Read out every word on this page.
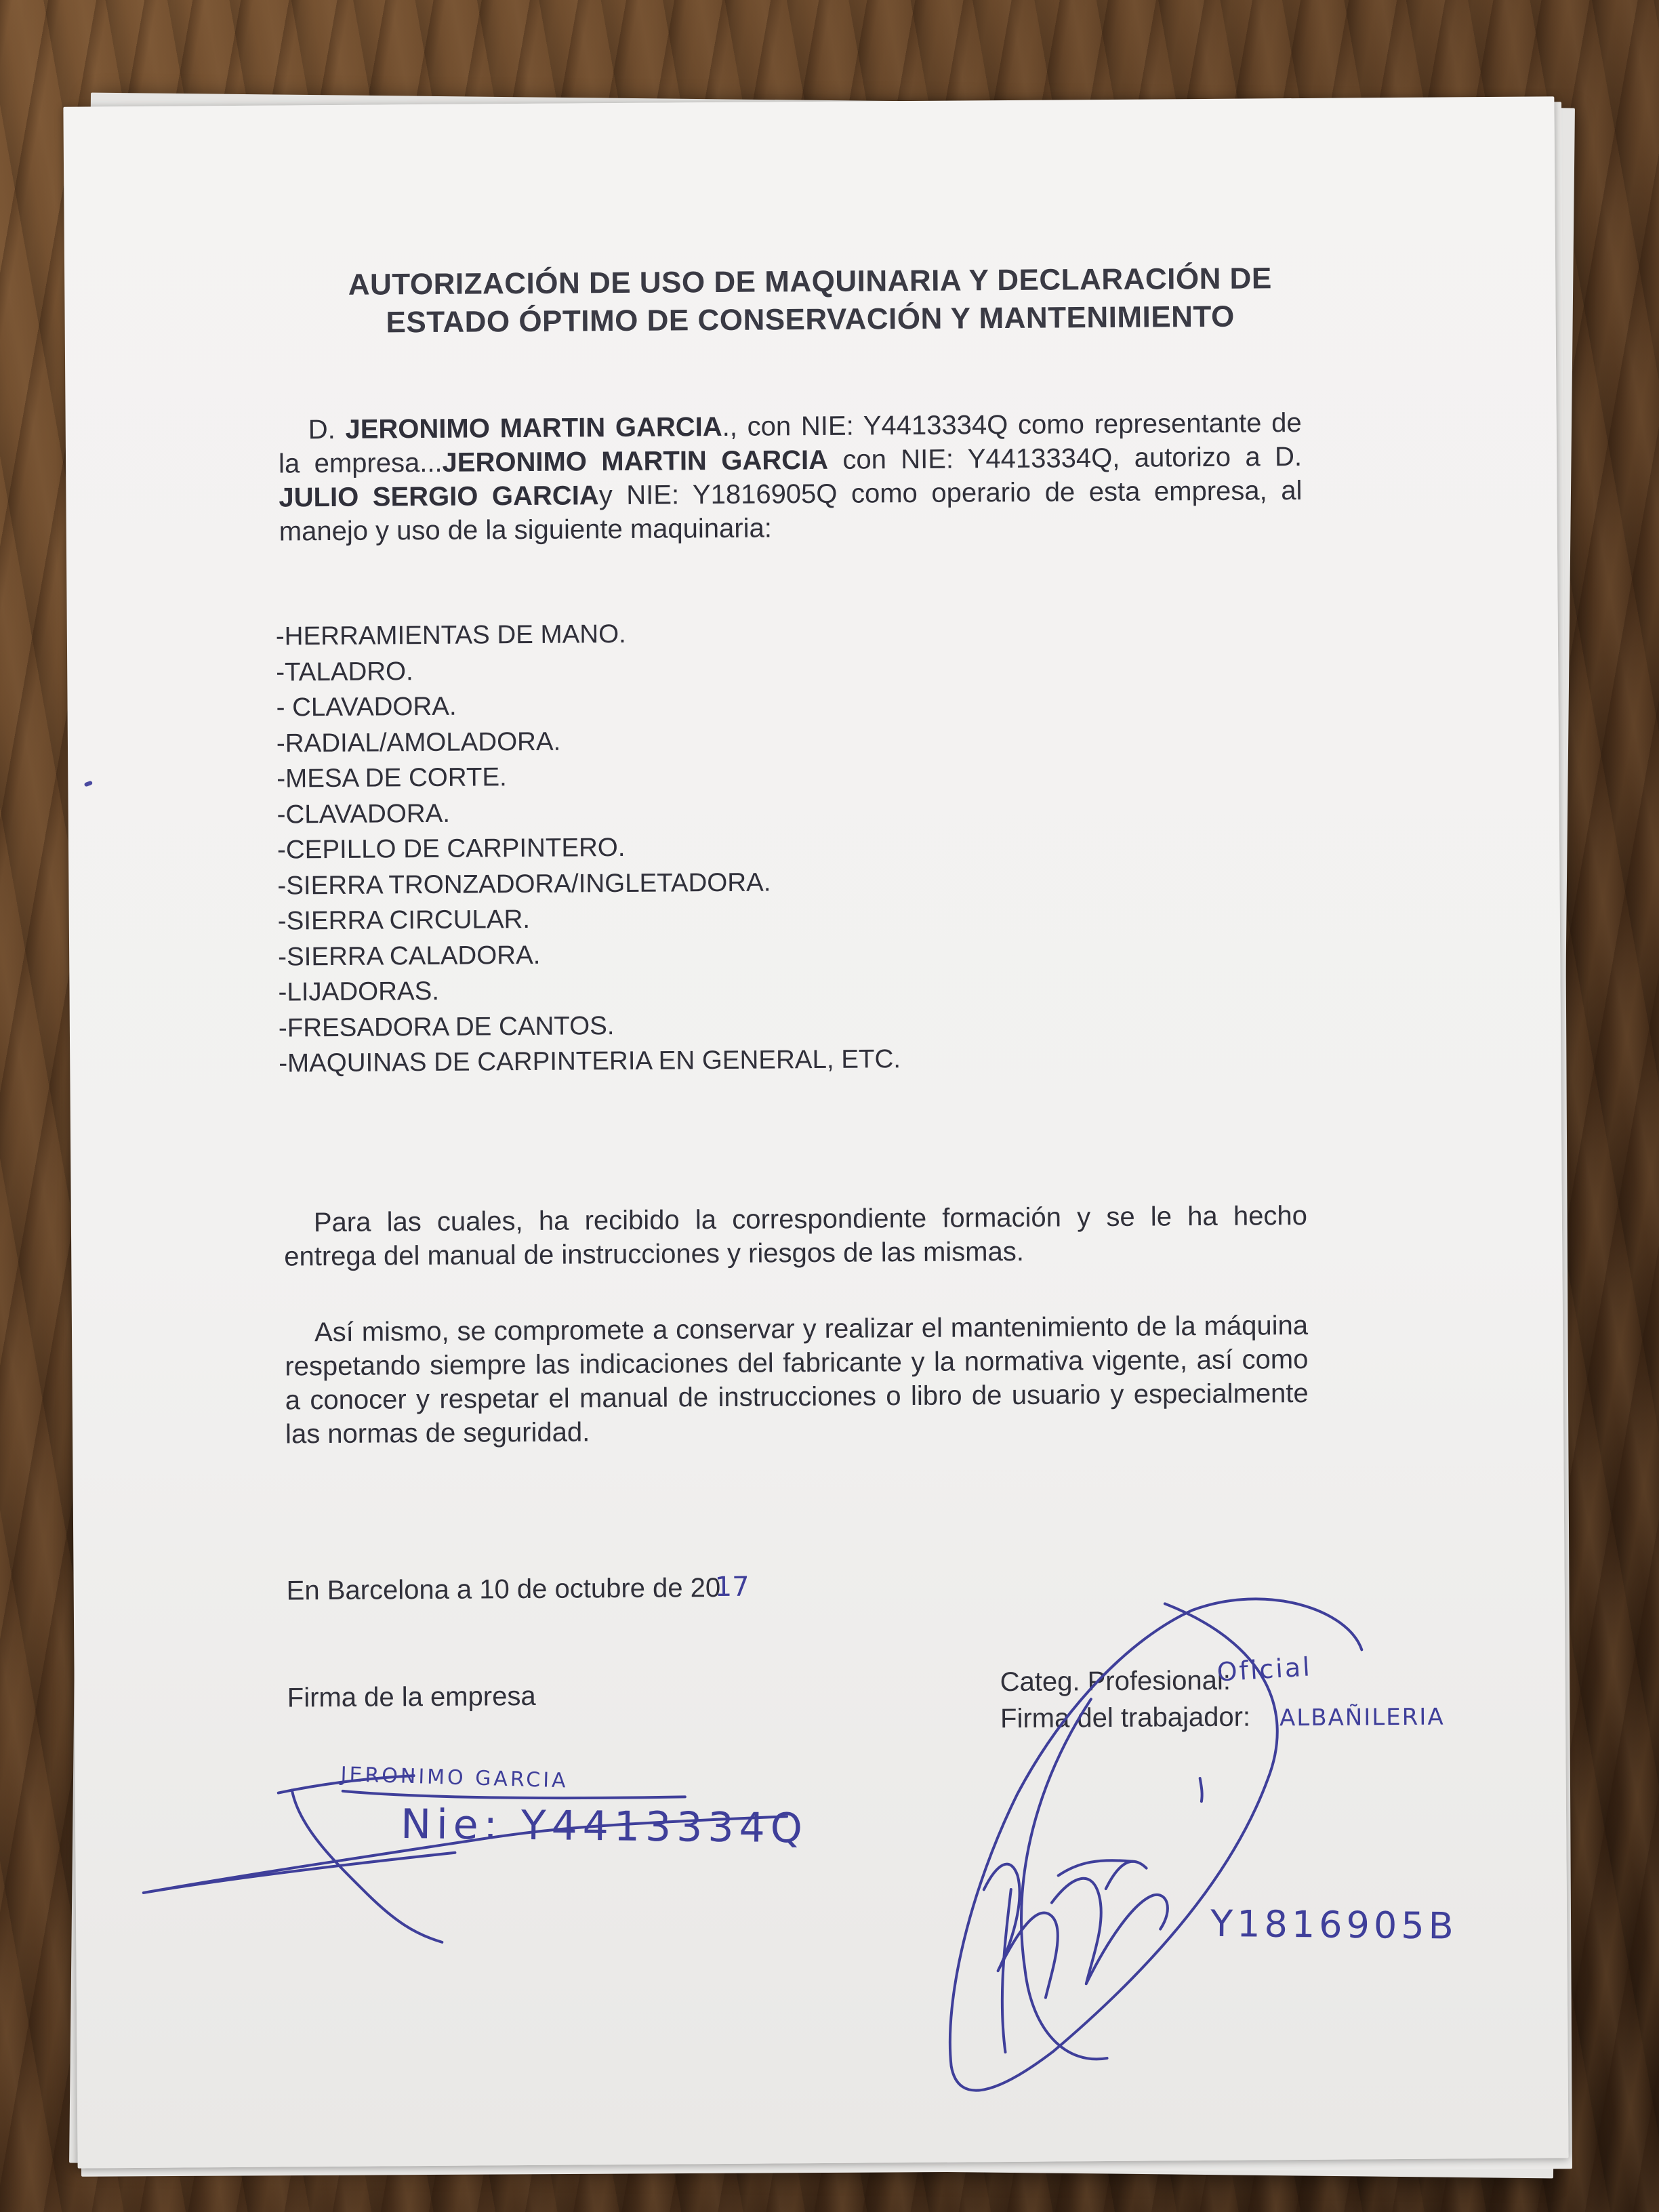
AUTORIZACIÓN DE USO DE MAQUINARIA Y DECLARACIÓN DE
ESTADO ÓPTIMO DE CONSERVACIÓN Y MANTENIMIENTO
D. JERONIMO MARTIN GARCIA., con NIE: Y4413334Q como representante de la empresa...JERONIMO MARTIN GARCIA con NIE: Y4413334Q, autorizo a D. JULIO SERGIO GARCIAy NIE: Y1816905Q como operario de esta empresa, al manejo y uso de la siguiente maquinaria:
-HERRAMIENTAS DE MANO.
-TALADRO.
- CLAVADORA.
-RADIAL/AMOLADORA.
-MESA DE CORTE.
-CLAVADORA.
-CEPILLO DE CARPINTERO.
-SIERRA TRONZADORA/INGLETADORA.
-SIERRA CIRCULAR.
-SIERRA CALADORA.
-LIJADORAS.
-FRESADORA DE CANTOS.
-MAQUINAS DE CARPINTERIA EN GENERAL, ETC.
Para las cuales, ha recibido la correspondiente formación y se le ha hecho entrega del manual de instrucciones y riesgos de las mismas.
Así mismo, se compromete a conservar y realizar el mantenimiento de la máquina respetando siempre las indicaciones del fabricante y la normativa vigente, así como a conocer y respetar el manual de instrucciones o libro de usuario y especialmente las normas de seguridad.
En Barcelona a 10 de octubre de 20
17
Firma de la empresa	Categ. Profesional:
Firma del trabajador:
Oficial
ALBAÑILERIA
JERONIMO GARCIA
Nie: Y4413334Q
Y1816905B
